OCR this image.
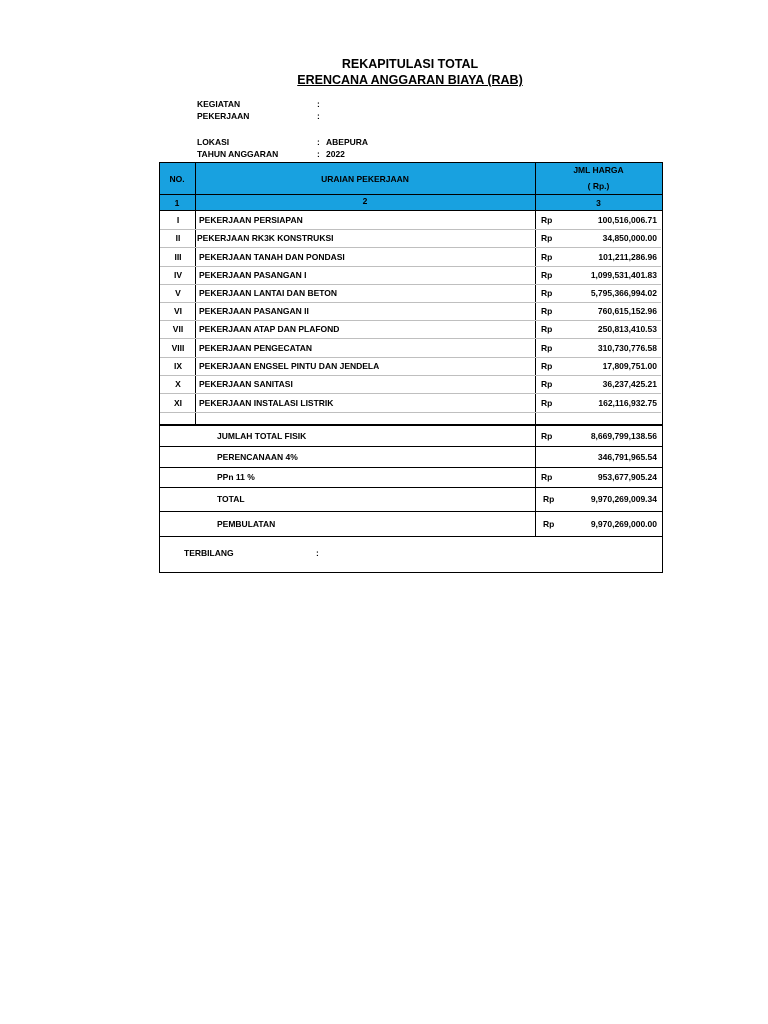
REKAPITULASI TOTAL
ERENCANA ANGGARAN BIAYA (RAB)
KEGIATAN	:
PEKERJAAN	:
LOKASI	: ABEPURA
TAHUN ANGGARAN	: 2022
NO.	URAIAN PEKERJAAN
JML HARGA
( Rp.)
1	2	3
I	PEKERJAAN PERSIAPAN	Rp	100,516,006.71
II	PEKERJAAN RK3K KONSTRUKSI	Rp	34,850,000.00
III	PEKERJAAN TANAH DAN PONDASI	Rp	101,211,286.96
IV	PEKERJAAN PASANGAN I	Rp	1,099,531,401.83
V	PEKERJAAN LANTAI DAN BETON	Rp	5,795,366,994.02
VI	PEKERJAAN PASANGAN II	Rp	760,615,152.96
VII	PEKERJAAN ATAP DAN PLAFOND	Rp	250,813,410.53
VIII	PEKERJAAN PENGECATAN	Rp	310,730,776.58
IX	PEKERJAAN ENGSEL PINTU DAN JENDELA	Rp	17,809,751.00
X	PEKERJAAN SANITASI	Rp	36,237,425.21
XI	PEKERJAAN INSTALASI LISTRIK	Rp	162,116,932.75
JUMLAH TOTAL FISIK	Rp	8,669,799,138.56
PERENCANAAN 4%	346,791,965.54
PPn 11 %	Rp	953,677,905.24
TOTAL	Rp	9,970,269,009.34
PEMBULATAN	Rp	9,970,269,000.00
TERBILANG	:
